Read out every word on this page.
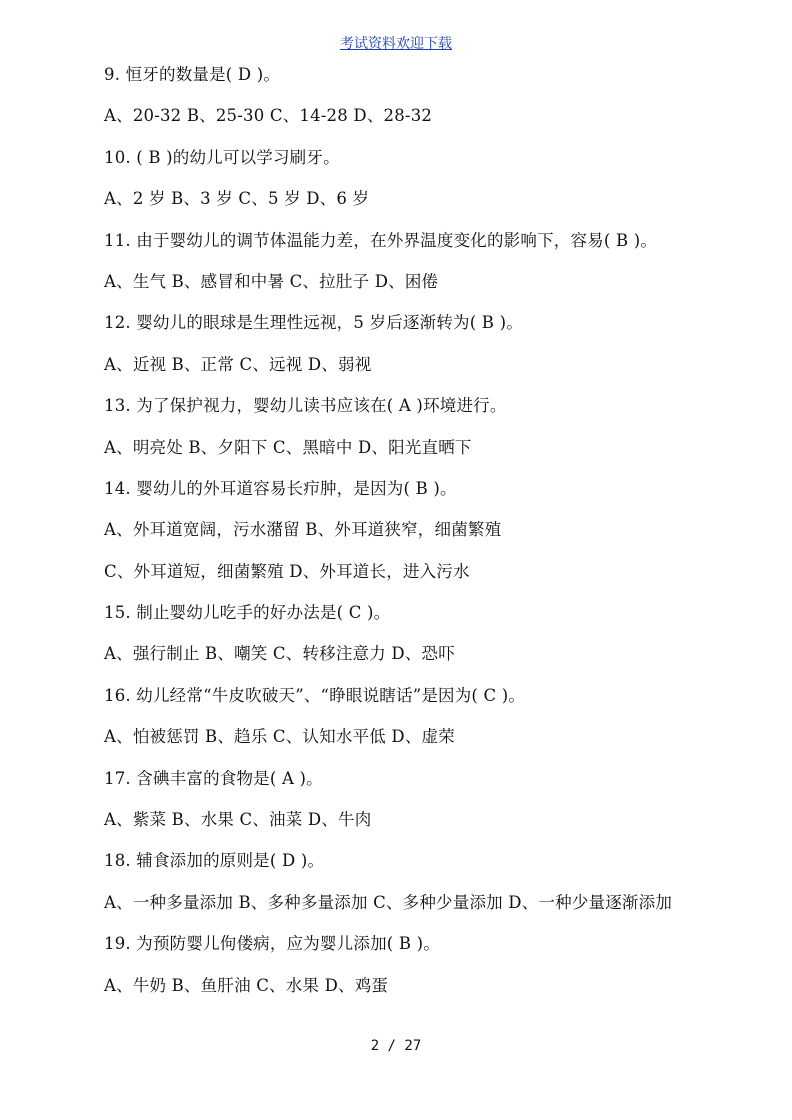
考试资料欢迎下载
9. 恒牙的数量是( D )。
A、20-32 B、25-30 C、14-28 D、28-32
10. ( B )的幼儿可以学习刷牙。
A、2 岁 B、3 岁 C、5 岁 D、6 岁
11. 由于婴幼儿的调节体温能力差，在外界温度变化的影响下，容易( B )。
A、生气 B、感冒和中暑 C、拉肚子 D、困倦
12. 婴幼儿的眼球是生理性远视，5 岁后逐渐转为( B )。
A、近视 B、正常 C、远视 D、弱视
13. 为了保护视力，婴幼儿读书应该在( A )环境进行。
A、明亮处 B、夕阳下 C、黑暗中 D、阳光直晒下
14. 婴幼儿的外耳道容易长疖肿，是因为( B )。
A、外耳道宽阔，污水潴留 B、外耳道狭窄，细菌繁殖
C、外耳道短，细菌繁殖 D、外耳道长，进入污水
15. 制止婴幼儿吃手的好办法是( C )。
A、强行制止 B、嘲笑 C、转移注意力 D、恐吓
16. 幼儿经常“牛皮吹破天”、“睁眼说瞎话”是因为( C )。
A、怕被惩罚 B、趋乐 C、认知水平低 D、虚荣
17. 含碘丰富的食物是( A )。
A、紫菜 B、水果 C、油菜 D、牛肉
18. 辅食添加的原则是( D )。
A、一种多量添加 B、多种多量添加 C、多种少量添加 D、一种少量逐渐添加
19. 为预防婴儿佝偻病，应为婴儿添加( B )。
A、牛奶 B、鱼肝油 C、水果 D、鸡蛋
2 / 27
